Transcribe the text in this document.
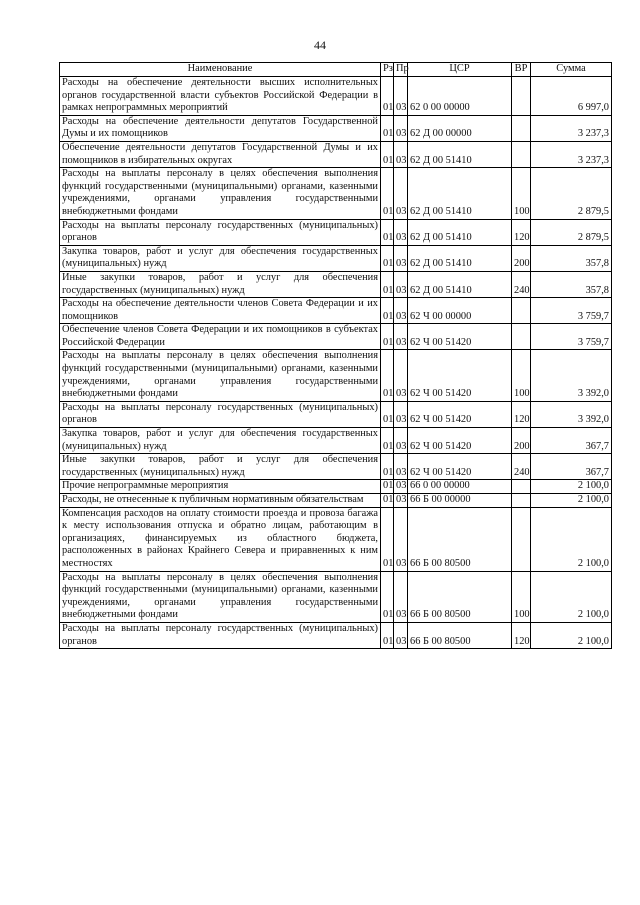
44
Наименование	Рз	Пр	ЦСР	ВР	Сумма
Расходы на обеспечение деятельности высших исполнительных органов государственной власти субъектов Российской Федерации в рамках непрограммных мероприятий	01	03	62 0 00 00000		6 997,0
Расходы на обеспечение деятельности депутатов Государственной Думы и их помощников	01	03	62 Д 00 00000		3 237,3
Обеспечение деятельности депутатов Государственной Думы и их помощников в избирательных округах	01	03	62 Д 00 51410		3 237,3
Расходы на выплаты персоналу в целях обеспечения выполнения функций государственными (муниципальными) органами, казенными учреждениями, органами управления государственными внебюджетными фондами	01	03	62 Д 00 51410	100	2 879,5
Расходы на выплаты персоналу государственных (муниципальных) органов	01	03	62 Д 00 51410	120	2 879,5
Закупка товаров, работ и услуг для обеспечения государственных (муниципальных) нужд	01	03	62 Д 00 51410	200	357,8
Иные закупки товаров, работ и услуг для обеспечения государственных (муниципальных) нужд	01	03	62 Д 00 51410	240	357,8
Расходы на обеспечение деятельности членов Совета Федерации и их помощников	01	03	62 Ч 00 00000		3 759,7
Обеспечение членов Совета Федерации и их помощников в субъектах Российской Федерации	01	03	62 Ч 00 51420		3 759,7
Расходы на выплаты персоналу в целях обеспечения выполнения функций государственными (муниципальными) органами, казенными учреждениями, органами управления государственными внебюджетными фондами	01	03	62 Ч 00 51420	100	3 392,0
Расходы на выплаты персоналу государственных (муниципальных) органов	01	03	62 Ч 00 51420	120	3 392,0
Закупка товаров, работ и услуг для обеспечения государственных (муниципальных) нужд	01	03	62 Ч 00 51420	200	367,7
Иные закупки товаров, работ и услуг для обеспечения государственных (муниципальных) нужд	01	03	62 Ч 00 51420	240	367,7
Прочие непрограммные мероприятия	01	03	66 0 00 00000		2 100,0
Расходы, не отнесенные к публичным нормативным обязательствам	01	03	66 Б 00 00000		2 100,0
Компенсация расходов на оплату стоимости проезда и провоза багажа к месту использования отпуска и обратно лицам, работающим в организациях, финансируемых из областного бюджета, расположенных в районах Крайнего Севера и приравненных к ним местностях	01	03	66 Б 00 80500		2 100,0
Расходы на выплаты персоналу в целях обеспечения выполнения функций государственными (муниципальными) органами, казенными учреждениями, органами управления государственными внебюджетными фондами	01	03	66 Б 00 80500	100	2 100,0
Расходы на выплаты персоналу государственных (муниципальных) органов	01	03	66 Б 00 80500	120	2 100,0
